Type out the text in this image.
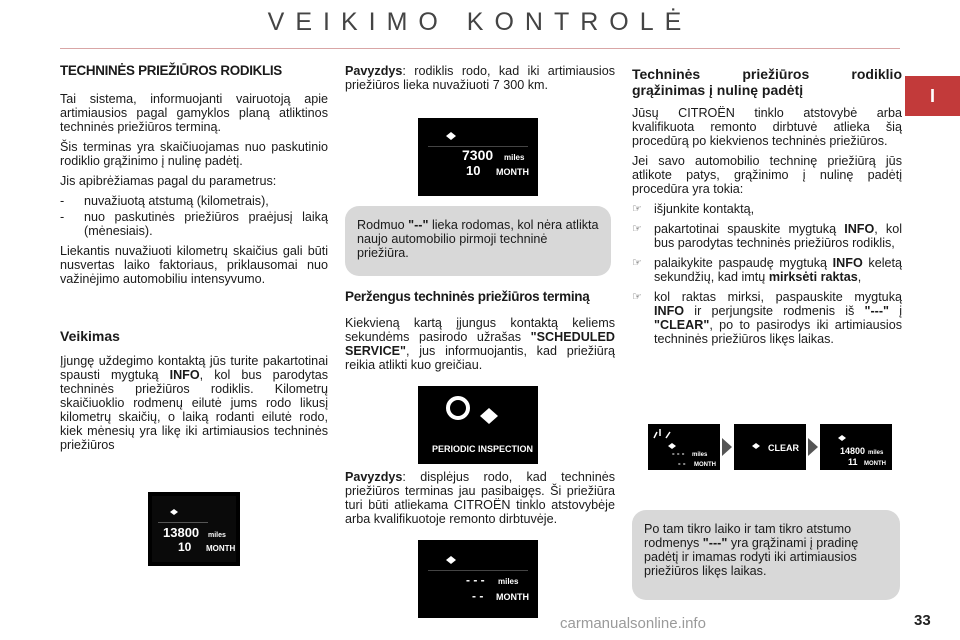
VEIKIMO KONTROLĖ
I
TECHNINĖS PRIEŽIŪROS RODIKLIS

Tai sistema, informuojanti vairuotoją apie artimiausios pagal gamyklos planą atliktinos techninės priežiūros terminą.

Šis terminas yra skaičiuojamas nuo paskutinio rodiklio grąžinimo į nulinę padėtį.

Jis apibrėžiamas pagal du parametrus:

-	nuvažiuotą atstumą (kilometrais),
-	nuo paskutinės priežiūros praėjusį laiką (mėnesiais).

Liekantis nuvažiuoti kilometrų skaičius gali būti nusvertas laiko faktoriaus, priklausomai nuo važinėjimo automobiliu intensyvumo.

Veikimas

Įjungę uždegimo kontaktą jūs turite pakartotinai spausti mygtuką INFO, kol bus parodytas techninės priežiūros rodiklis. Kilometrų skaičiuoklio rodmenų eilutė jums rodo likusį kilometrų skaičių, o laiką rodanti eilutė rodo, kiek mėnesių yra likę iki artimiausios techninės priežiūros

13800 miles
10 MONTH

Pavyzdys: rodiklis rodo, kad iki artimiausios priežiūros lieka nuvažiuoti 7 300 km.

7300 miles
10 MONTH
Rodmuo "--" lieka rodomas, kol nėra atlikta naujo automobilio pirmoji techninė priežiūra.
Peržengus techninės priežiūros terminą

Kiekvieną kartą įjungus kontaktą keliems sekundėms pasirodo užrašas "SCHEDULED SERVICE", jus informuojantis, kad priežiūrą reikia atlikti kuo greičiau.

PERIODIC INSPECTION

Pavyzdys: displėjus rodo, kad techninės priežiūros terminas jau pasibaigęs. Ši priežiūra turi būti atliekama CITROËN tinklo atstovybėje arba kvalifikuotoje remonto dirbtuvėje.

- - - miles
- - MONTH
Techninės priežiūros rodiklio grąžinimas į nulinę padėtį

Jūsų CITROËN tinklo atstovybė arba kvalifikuota remonto dirbtuvė atlieka šią procedūrą po kiekvienos techninės priežiūros.

Jei savo automobilio techninę priežiūrą jūs atlikote patys, grąžinimo į nulinę padėtį procedūra yra tokia:

☞ išjunkite kontaktą,
☞ pakartotinai spauskite mygtuką INFO, kol bus parodytas techninės priežiūros rodiklis,
☞ palaikykite paspaudę mygtuką INFO keletą sekundžių, kad imtų mirksėti raktas,
☞ kol raktas mirksi, paspauskite mygtuką INFO ir perjungsite rodmenis iš "---" į "CLEAR", po to pasirodys iki artimiausios techninės priežiūros likęs laikas.
- - - miles
- - MONTH
CLEAR	14800 miles
11 MONTH
Po tam tikro laiko ir tam tikro atstumo rodmenys "---" yra grąžinami į pradinę padėtį ir imamas rodyti iki artimiausios priežiūros likęs laikas.
carmanualsonline.info	33
